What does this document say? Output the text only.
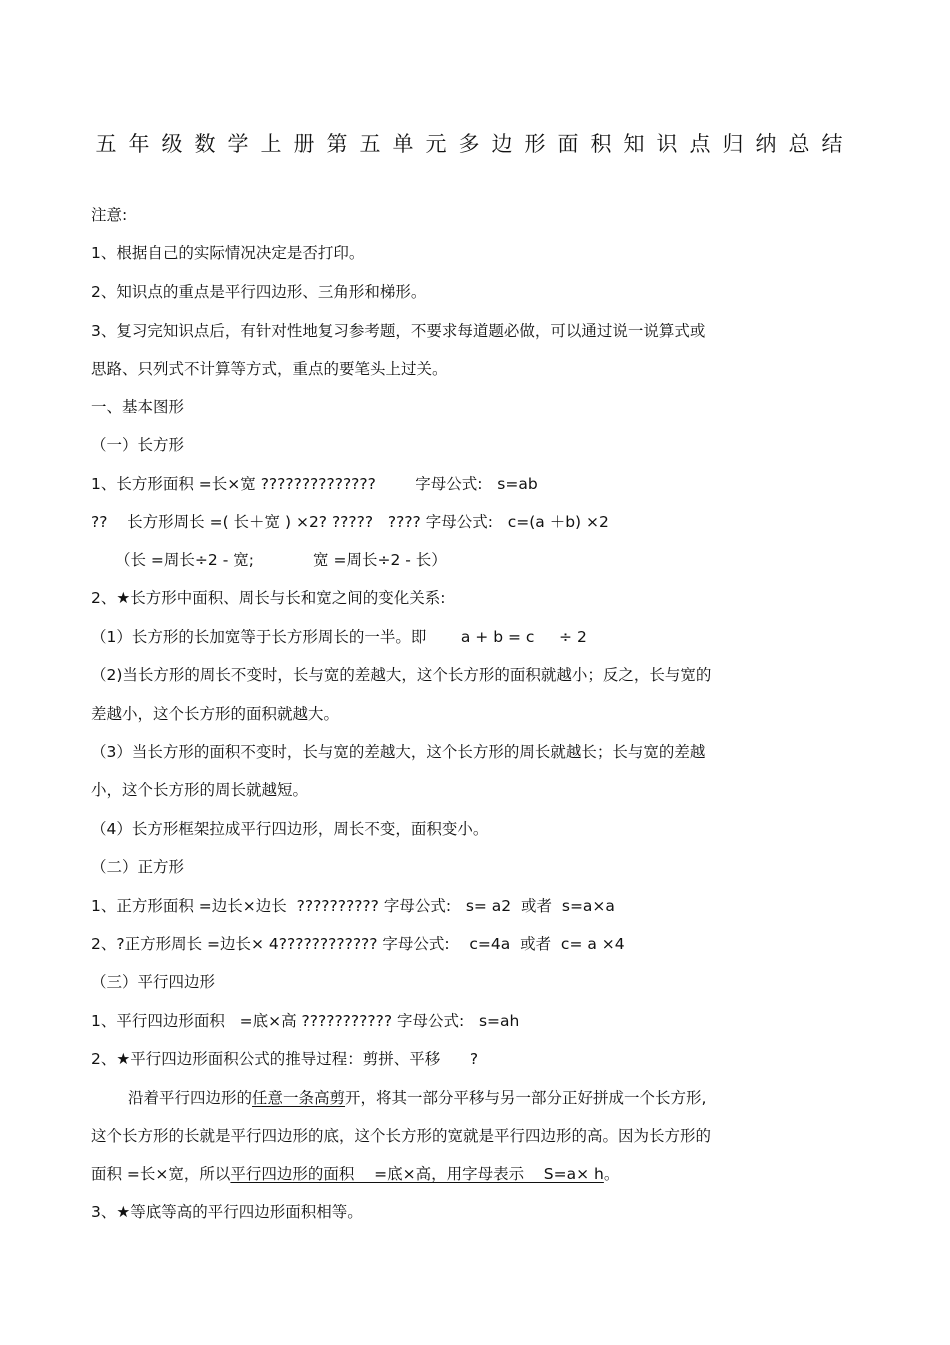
五年级数学上册第五单元多边形面积知识点归纳总结
注意:
1、根据自己的实际情况决定是否打印。
2、知识点的重点是平行四边形、三角形和梯形。
3、复习完知识点后，有针对性地复习参考题，不要求每道题必做，可以通过说一说算式或
思路、只列式不计算等方式，重点的要笔头上过关。
一、基本图形
（一）长方形
1、长方形面积 =长×宽 ??????????????        字母公式:   s=ab
??    长方形周长 =( 长＋宽 ) ×2? ?????   ???? 字母公式:   c=(a ＋b) ×2
（长 =周长÷2 - 宽;            宽 =周长÷2 - 长）
2、★长方形中面积、周长与长和宽之间的变化关系:
（1）长方形的长加宽等于长方形周长的一半。即       a + b = c     ÷ 2
（2)当长方形的周长不变时，长与宽的差越大，这个长方形的面积就越小；反之，长与宽的
差越小，这个长方形的面积就越大。
（3）当长方形的面积不变时，长与宽的差越大，这个长方形的周长就越长；长与宽的差越
小，这个长方形的周长就越短。
（4）长方形框架拉成平行四边形，周长不变，面积变小。
（二）正方形
1、正方形面积 =边长×边长  ?????????? 字母公式:   s= a2  或者  s=a×a
2、?正方形周长 =边长× 4???????????? 字母公式:    c=4a  或者  c= a ×4
（三）平行四边形
1、平行四边形面积   =底×高 ??????????? 字母公式:   s=ah
2、★平行四边形面积公式的推导过程：剪拼、平移      ?
沿着平行四边形的任意一条高剪开，将其一部分平移与另一部分正好拼成一个长方形,
这个长方形的长就是平行四边形的底，这个长方形的宽就是平行四边形的高。因为长方形的
面积 =长×宽，所以平行四边形的面积    =底×高，用字母表示    S=a× h。
3、★等底等高的平行四边形面积相等。
